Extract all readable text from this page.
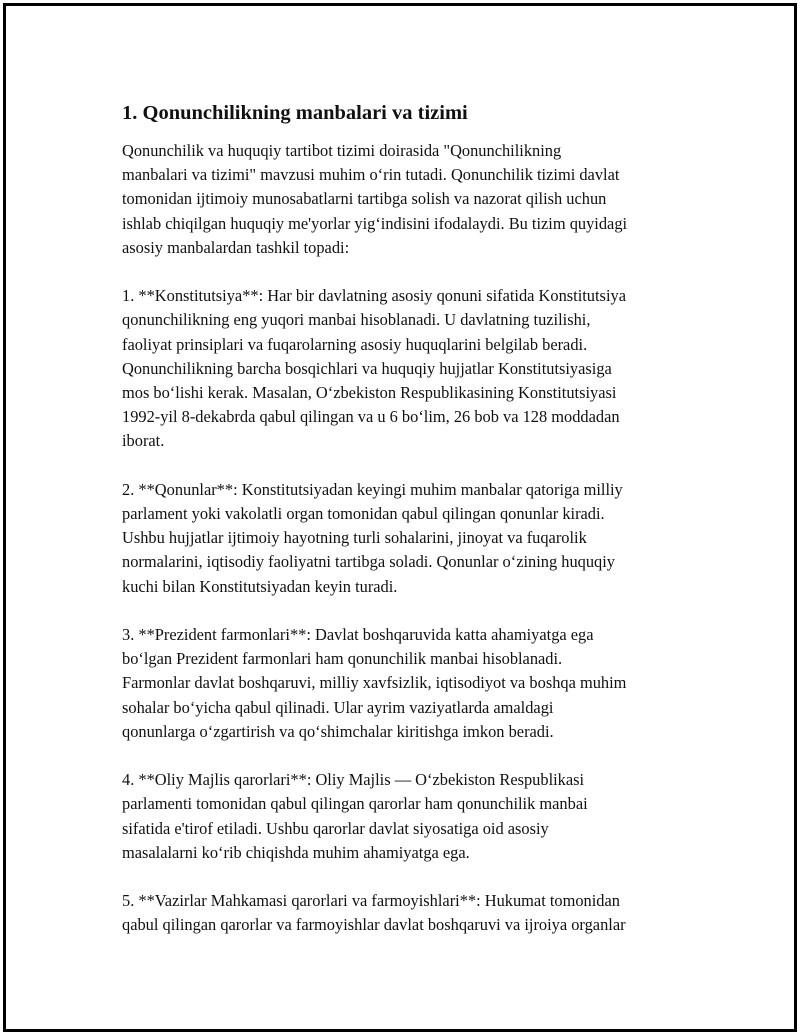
1. Qonunchilikning manbalari va tizimi
Qonunchilik va huquqiy tartibot tizimi doirasida "Qonunchilikning
manbalari va tizimi" mavzusi muhim o‘rin tutadi. Qonunchilik tizimi davlat
tomonidan ijtimoiy munosabatlarni tartibga solish va nazorat qilish uchun
ishlab chiqilgan huquqiy me'yorlar yig‘indisini ifodalaydi. Bu tizim quyidagi
asosiy manbalardan tashkil topadi:
1. **Konstitutsiya**: Har bir davlatning asosiy qonuni sifatida Konstitutsiya
qonunchilikning eng yuqori manbai hisoblanadi. U davlatning tuzilishi,
faoliyat prinsiplari va fuqarolarning asosiy huquqlarini belgilab beradi.
Qonunchilikning barcha bosqichlari va huquqiy hujjatlar Konstitutsiyasiga
mos bo‘lishi kerak. Masalan, O‘zbekiston Respublikasining Konstitutsiyasi
1992-yil 8-dekabrda qabul qilingan va u 6 bo‘lim, 26 bob va 128 moddadan
iborat.
2. **Qonunlar**: Konstitutsiyadan keyingi muhim manbalar qatoriga milliy
parlament yoki vakolatli organ tomonidan qabul qilingan qonunlar kiradi.
Ushbu hujjatlar ijtimoiy hayotning turli sohalarini, jinoyat va fuqarolik
normalarini, iqtisodiy faoliyatni tartibga soladi. Qonunlar o‘zining huquqiy
kuchi bilan Konstitutsiyadan keyin turadi.
3. **Prezident farmonlari**: Davlat boshqaruvida katta ahamiyatga ega
bo‘lgan Prezident farmonlari ham qonunchilik manbai hisoblanadi.
Farmonlar davlat boshqaruvi, milliy xavfsizlik, iqtisodiyot va boshqa muhim
sohalar bo‘yicha qabul qilinadi. Ular ayrim vaziyatlarda amaldagi
qonunlarga o‘zgartirish va qo‘shimchalar kiritishga imkon beradi.
4. **Oliy Majlis qarorlari**: Oliy Majlis — O‘zbekiston Respublikasi
parlamenti tomonidan qabul qilingan qarorlar ham qonunchilik manbai
sifatida e'tirof etiladi. Ushbu qarorlar davlat siyosatiga oid asosiy
masalalarni ko‘rib chiqishda muhim ahamiyatga ega.
5. **Vazirlar Mahkamasi qarorlari va farmoyishlari**: Hukumat tomonidan
qabul qilingan qarorlar va farmoyishlar davlat boshqaruvi va ijroiya organlar
